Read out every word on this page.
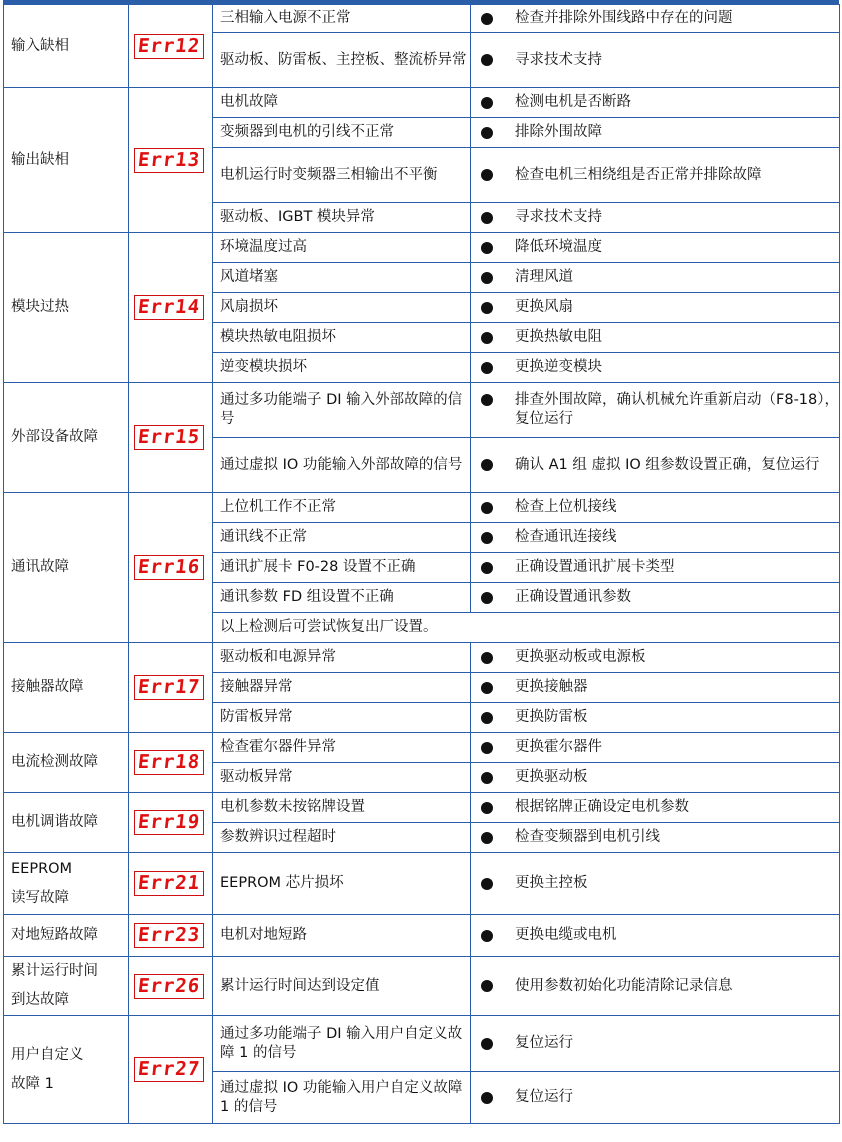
输入缺相	Err12	三相输入电源不正常	检查并排除外围线路中存在的问题

		驱动板、防雷板、主控板、整流桥异常	寻求技术支持

输出缺相	Err13	电机故障	检测电机是否断路

		变频器到电机的引线不正常	排除外围故障

		电机运行时变频器三相输出不平衡	检查电机三相绕组是否正常并排除故障

		驱动板、IGBT 模块异常	寻求技术支持

模块过热	Err14	环境温度过高	降低环境温度

		风道堵塞	清理风道

		风扇损坏	更换风扇

		模块热敏电阻损坏	更换热敏电阻

		逆变模块损坏	更换逆变模块

外部设备故障	Err15	通过多功能端子 DI 输入外部故障的信号	排查外围故障，确认机械允许重新启动（F8-18），复位运行

		通过虚拟 IO 功能输入外部故障的信号	确认 A1 组 虚拟 IO 组参数设置正确，复位运行

通讯故障	Err16	上位机工作不正常	检查上位机接线

		通讯线不正常	检查通讯连接线

		通讯扩展卡 F0-28 设置不正确	正确设置通讯扩展卡类型

		通讯参数 FD 组设置不正确	正确设置通讯参数

		以上检测后可尝试恢复出厂设置。	

接触器故障	Err17	驱动板和电源异常	更换驱动板或电源板

		接触器异常	更换接触器

		防雷板异常	更换防雷板

电流检测故障	Err18	检查霍尔器件异常	更换霍尔器件

		驱动板异常	更换驱动板

电机调谐故障	Err19	电机参数未按铭牌设置	根据铭牌正确设定电机参数

		参数辨识过程超时	检查变频器到电机引线

EEPROM
读写故障	Err21	EEPROM 芯片损坏	更换主控板

对地短路故障	Err23	电机对地短路	更换电缆或电机

累计运行时间
到达故障	Err26	累计运行时间达到设定值	使用参数初始化功能清除记录信息

用户自定义
故障 1	Err27	通过多功能端子 DI 输入用户自定义故障 1 的信号	复位运行

		通过虚拟 IO 功能输入用户自定义故障 1 的信号	复位运行
